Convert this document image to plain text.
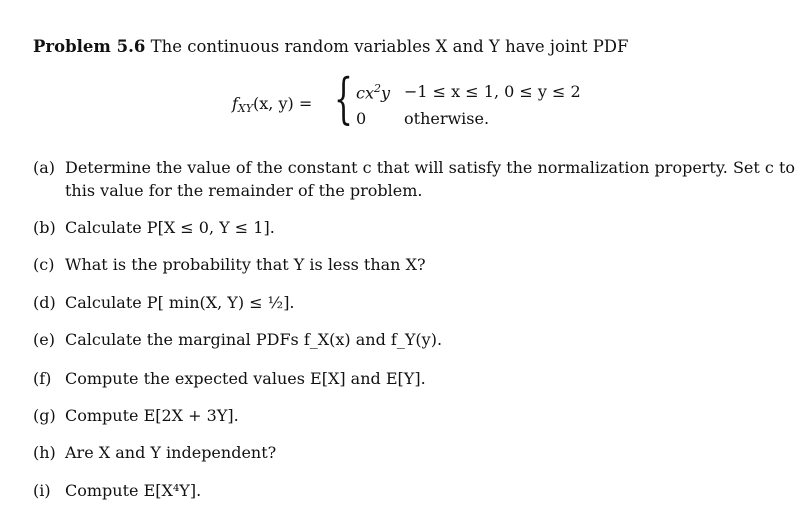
Problem 5.6 The continuous random variables X and Y have joint PDF
$f_{XY}(x$, y) = { $cx^2y -1 \le x \le 1$, 0 ≤ y ≤ 2
0 otherwise.
(a) Determine the value of the constant c that will satisfy the normalization property. Set c to
this value for the remainder of the problem.
(b) Calculate P[X ≤ 0, Y ≤ 1].
(c) What is the probability that Y is less than X?
(d) Calculate P[ min(X, Y) ≤ ½].
(e) Calculate the marginal PDFs f_X(x) and f_Y(y).
(f) Compute the expected values E[X] and E[Y].
(g) Compute E[2X + 3Y].
(h) Are X and Y independent?
(i) Compute E[X⁴Y].
